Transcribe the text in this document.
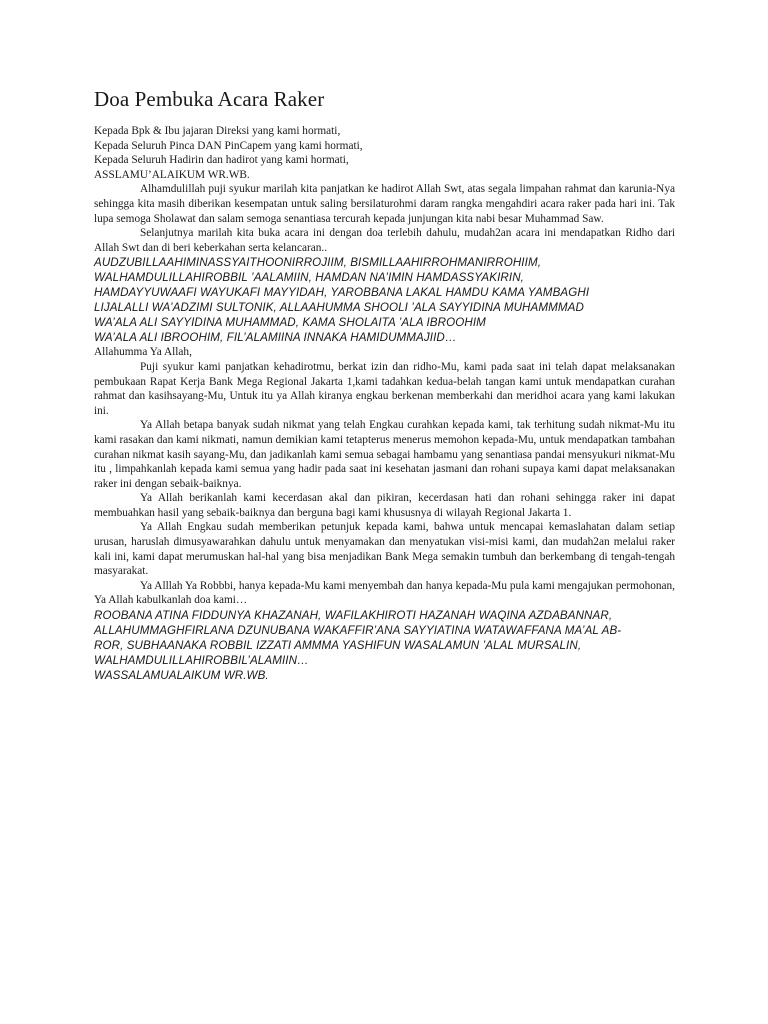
Doa Pembuka Acara Raker

Kepada Bpk & Ibu jajaran Direksi yang kami hormati,

Kepada Seluruh Pinca DAN PinCapem yang kami hormati,

Kepada Seluruh Hadirin dan hadirot yang kami hormati,

ASSLAMU’ALAIKUM WR.WB.

Alhamdulillah puji syukur marilah kita panjatkan ke hadirot Allah Swt, atas segala limpahan rahmat dan karunia-Nya sehingga kita masih diberikan kesempatan untuk saling bersilaturohmi daram rangka mengahdiri acara raker pada hari ini. Tak lupa semoga Sholawat dan salam semoga senantiasa tercurah kepada junjungan kita nabi besar Muhammad Saw.

Selanjutnya marilah kita buka acara ini dengan doa terlebih dahulu, mudah2an acara ini mendapatkan Ridho dari Allah Swt dan di beri keberkahan serta kelancaran..

AUDZUBILLAAHIMINASSYAITHOONIRROJIIM, BISMILLAAHIRROHMANIRROHIIM,

WALHAMDULILLAHIROBBIL ’AALAMIIN, HAMDAN NA’IMIN HAMDASSYAKIRIN,

HAMDAYYUWAAFI WAYUKAFI MAYYIDAH, YAROBBANA LAKAL HAMDU KAMA YAMBAGHI

LIJALALLI WA’ADZIMI SULTONIK, ALLAAHUMMA SHOOLI ’ALA SAYYIDINA MUHAMMMAD

WA’ALA ALI SAYYIDINA MUHAMMAD, KAMA SHOLAITA ’ALA IBROOHIM

WA’ALA ALI IBROOHIM, FIL’ALAMIINA INNAKA HAMIDUMMAJIID…

Allahumma Ya Allah,

Puji syukur kami panjatkan kehadirotmu, berkat izin dan ridho-Mu, kami pada saat ini telah dapat melaksanakan pembukaan Rapat Kerja Bank Mega Regional Jakarta 1,kami tadahkan kedua-belah tangan kami untuk mendapatkan curahan rahmat dan kasihsayang-Mu, Untuk itu ya Allah kiranya engkau berkenan memberkahi dan meridhoi acara yang kami lakukan ini.

Ya Allah betapa banyak sudah nikmat yang telah Engkau curahkan kepada kami, tak terhitung sudah nikmat-Mu itu kami rasakan dan kami nikmati, namun demikian kami tetapterus menerus memohon kepada-Mu, untuk mendapatkan tambahan curahan nikmat kasih sayang-Mu, dan jadikanlah kami semua sebagai hambamu yang senantiasa pandai mensyukuri nikmat-Mu itu , limpahkanlah kepada kami semua yang hadir pada saat ini kesehatan jasmani dan rohani supaya kami dapat melaksanakan raker ini dengan sebaik-baiknya.

Ya Allah berikanlah kami kecerdasan akal dan pikiran, kecerdasan hati dan rohani sehingga raker ini dapat membuahkan hasil yang sebaik-baiknya dan berguna bagi kami khususnya di wilayah Regional Jakarta 1.

Ya Allah Engkau sudah memberikan petunjuk kepada kami, bahwa untuk mencapai kemaslahatan dalam setiap urusan, haruslah dimusyawarahkan dahulu untuk menyamakan dan menyatukan visi-misi kami, dan mudah2an melalui raker kali ini, kami dapat merumuskan hal-hal yang bisa menjadikan Bank Mega semakin tumbuh dan berkembang di tengah-tengah masyarakat.

Ya Alllah Ya Robbbi, hanya kepada-Mu kami menyembah dan hanya kepada-Mu pula kami mengajukan permohonan, Ya Allah kabulkanlah doa kami…

ROOBANA ATINA FIDDUNYA KHAZANAH, WAFILAKHIROTI HAZANAH WAQINA AZDABANNAR,

ALLAHUMMAGHFIRLANA DZUNUBANA WAKAFFIR’ANA SAYYIATINA WATAWAFFANA MA’AL AB-

ROR, SUBHAANAKA ROBBIL IZZATI AMMMA YASHIFUN WASALAMUN ’ALAL MURSALIN,

WALHAMDULILLAHIROBBIL’ALAMIIN…

WASSALAMUALAIKUM WR.WB.
